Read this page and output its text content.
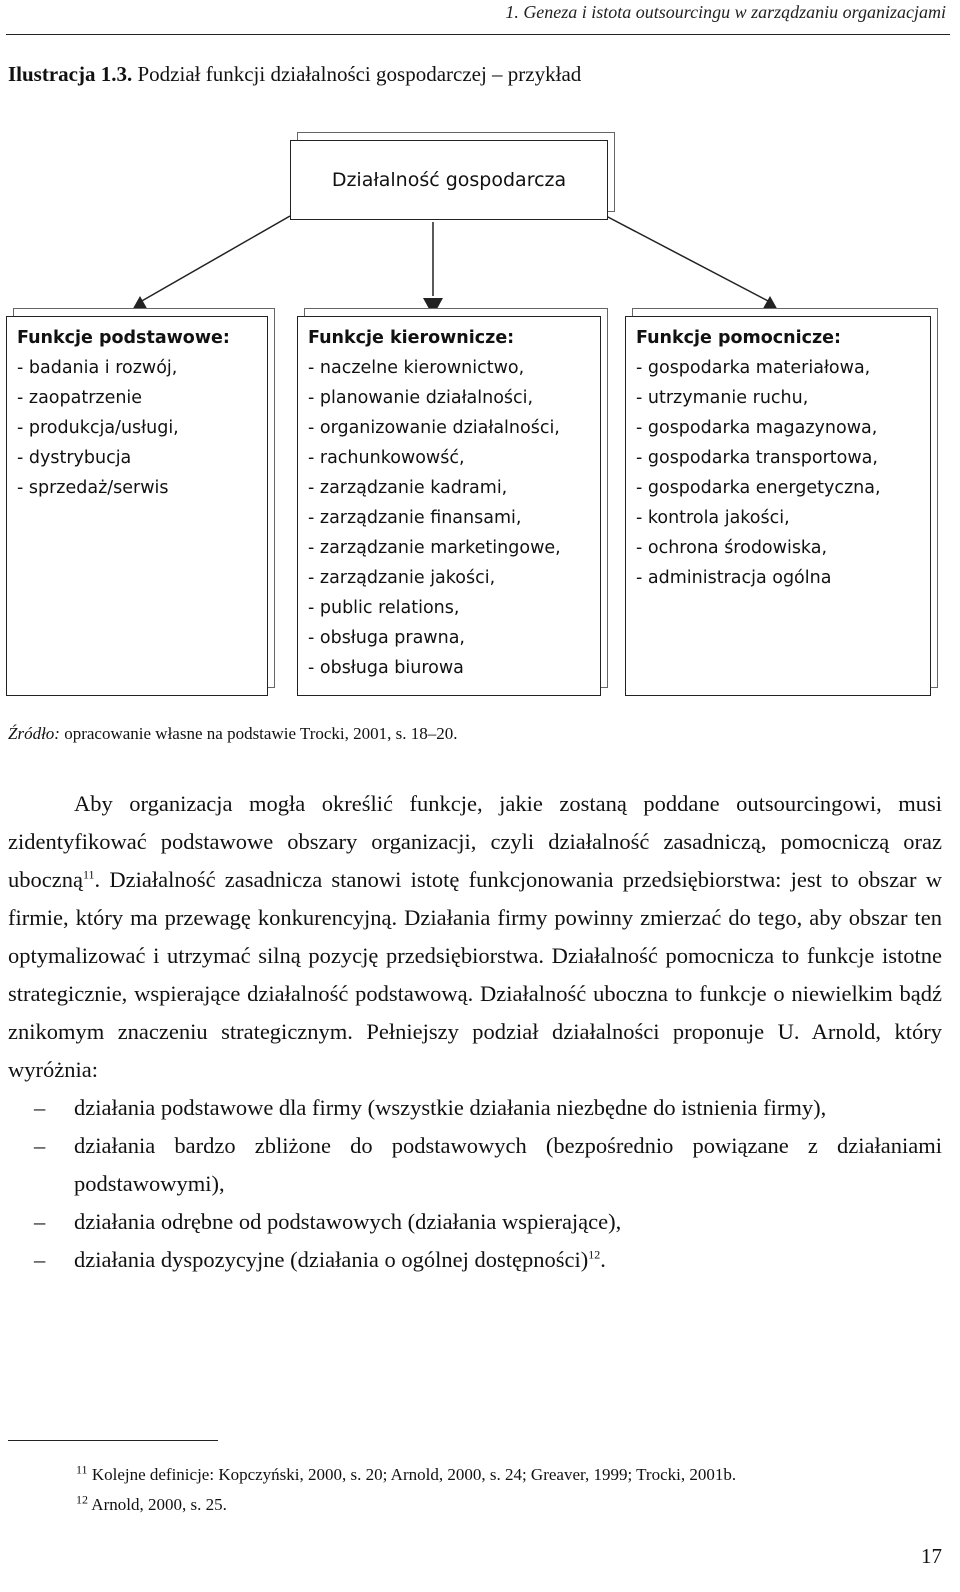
1. Geneza i istota outsourcingu w zarządzaniu organizacjami
Ilustracja 1.3. Podział funkcji działalności gospodarczej – przykład
Działalność gospodarcza
Funkcje podstawowe:
- badania i rozwój,
- zaopatrzenie
- produkcja/usługi,
- dystrybucja
- sprzedaż/serwis
Funkcje kierownicze:
- naczelne kierownictwo,
- planowanie działalności,
- organizowanie działalności,
- rachunkowowść,
- zarządzanie kadrami,
- zarządzanie finansami,
- zarządzanie marketingowe,
- zarządzanie jakości,
- public relations,
- obsługa prawna,
- obsługa biurowa
Funkcje pomocnicze:
- gospodarka materiałowa,
- utrzymanie ruchu,
- gospodarka magazynowa,
- gospodarka transportowa,
- gospodarka energetyczna,
- kontrola jakości,
- ochrona środowiska,
- administracja ogólna
Źródło: opracowanie własne na podstawie Trocki, 2001, s. 18–20.

Aby organizacja mogła określić funkcje, jakie zostaną poddane outsourcingowi, musi zidentyfikować podstawowe obszary organizacji, czyli działalność zasadniczą, pomocniczą oraz uboczną$^{11}$. Działalność zasadnicza stanowi istotę funkcjonowania przedsiębiorstwa: jest to obszar w firmie, który ma przewagę konkurencyjną. Działania firmy powinny zmierzać do tego, aby obszar ten optymalizować i utrzymać silną pozycję przedsiębiorstwa. Działalność pomocnicza to funkcje istotne strategicznie, wspierające działalność podstawową. Działalność uboczna to funkcje o niewielkim bądź znikomym znaczeniu strategicznym. Pełniejszy podział działalności proponuje U. Arnold, który wyróżnia:

– działania podstawowe dla firmy (wszystkie działania niezbędne do istnienia firmy),
– działania bardzo zbliżone do podstawowych (bezpośrednio powiązane z działaniami podstawowymi),
– działania odrębne od podstawowych (działania wspierające),
– działania dyspozycyjne (działania o ogólnej dostępności)$^{12}$.
$^{11}$ Kolejne definicje: Kopczyński, 2000, s. 20; Arnold, 2000, s. 24; Greaver, 1999; Trocki, 2001b.
$^{12}$ Arnold, 2000, s. 25.
17
